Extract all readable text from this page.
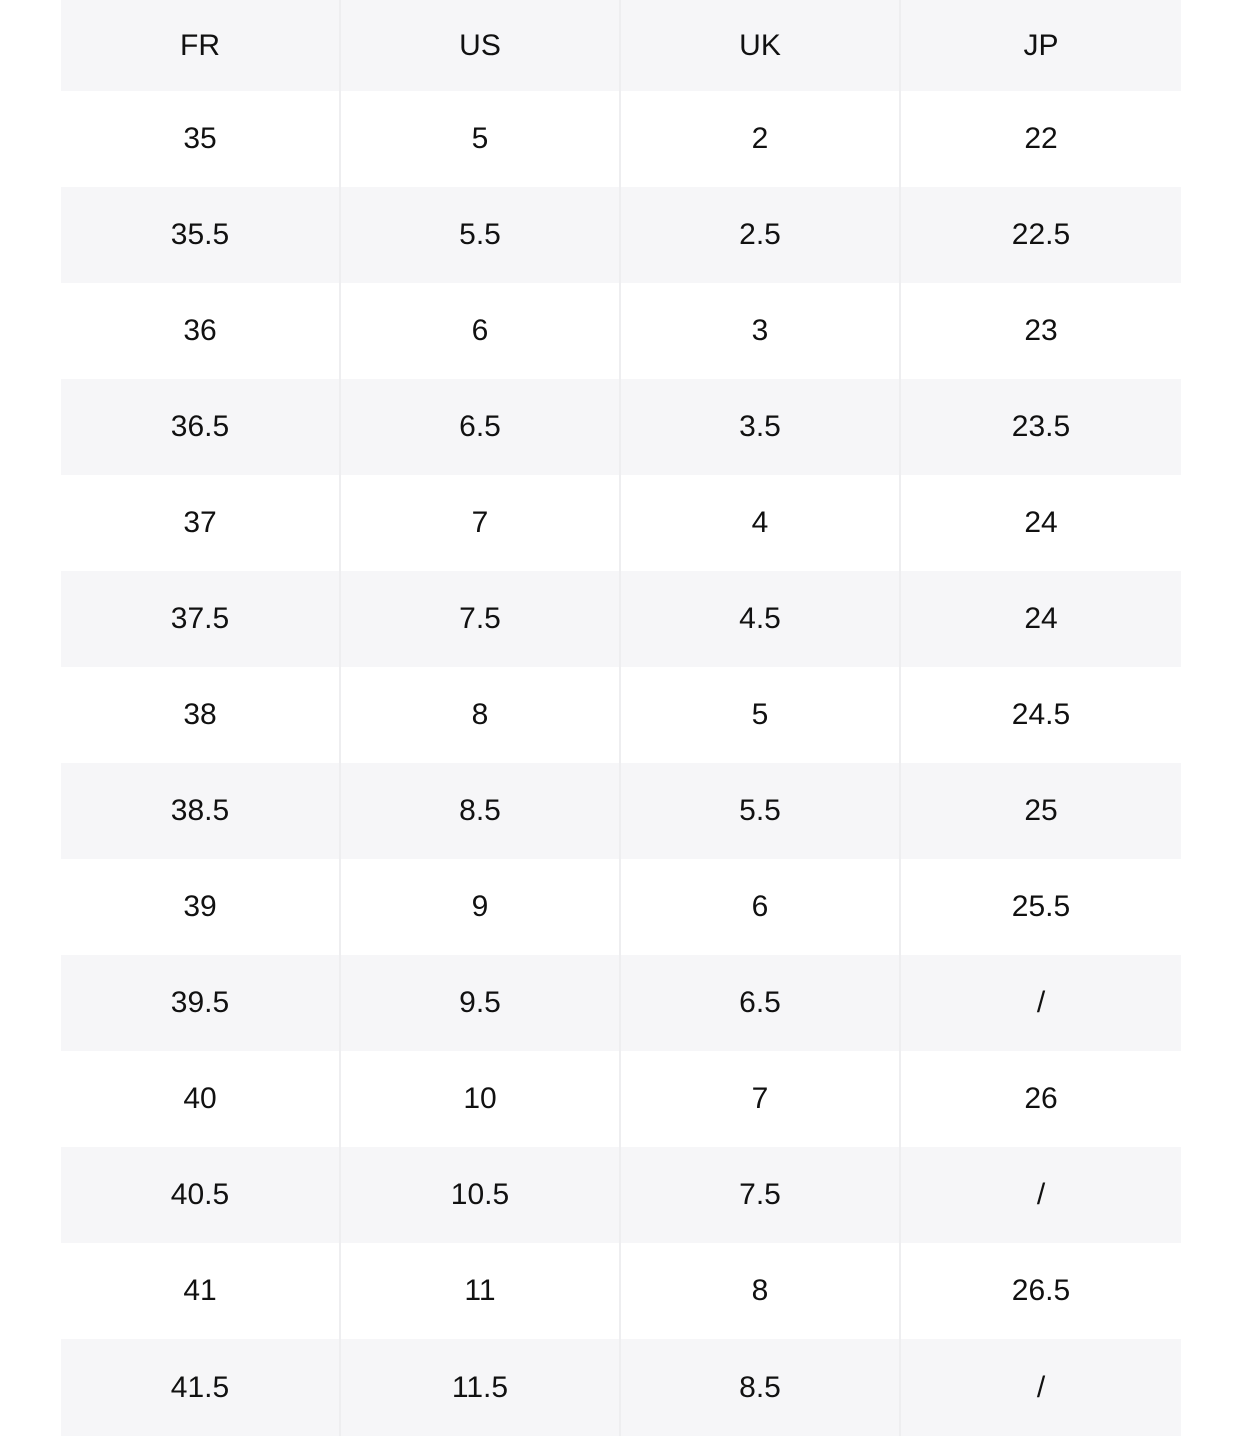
FR	US	UK	JP
35	5	2	22
35.5	5.5	2.5	22.5
36	6	3	23
36.5	6.5	3.5	23.5
37	7	4	24
37.5	7.5	4.5	24
38	8	5	24.5
38.5	8.5	5.5	25
39	9	6	25.5
39.5	9.5	6.5	/
40	10	7	26
40.5	10.5	7.5	/
41	11	8	26.5
41.5	11.5	8.5	/
